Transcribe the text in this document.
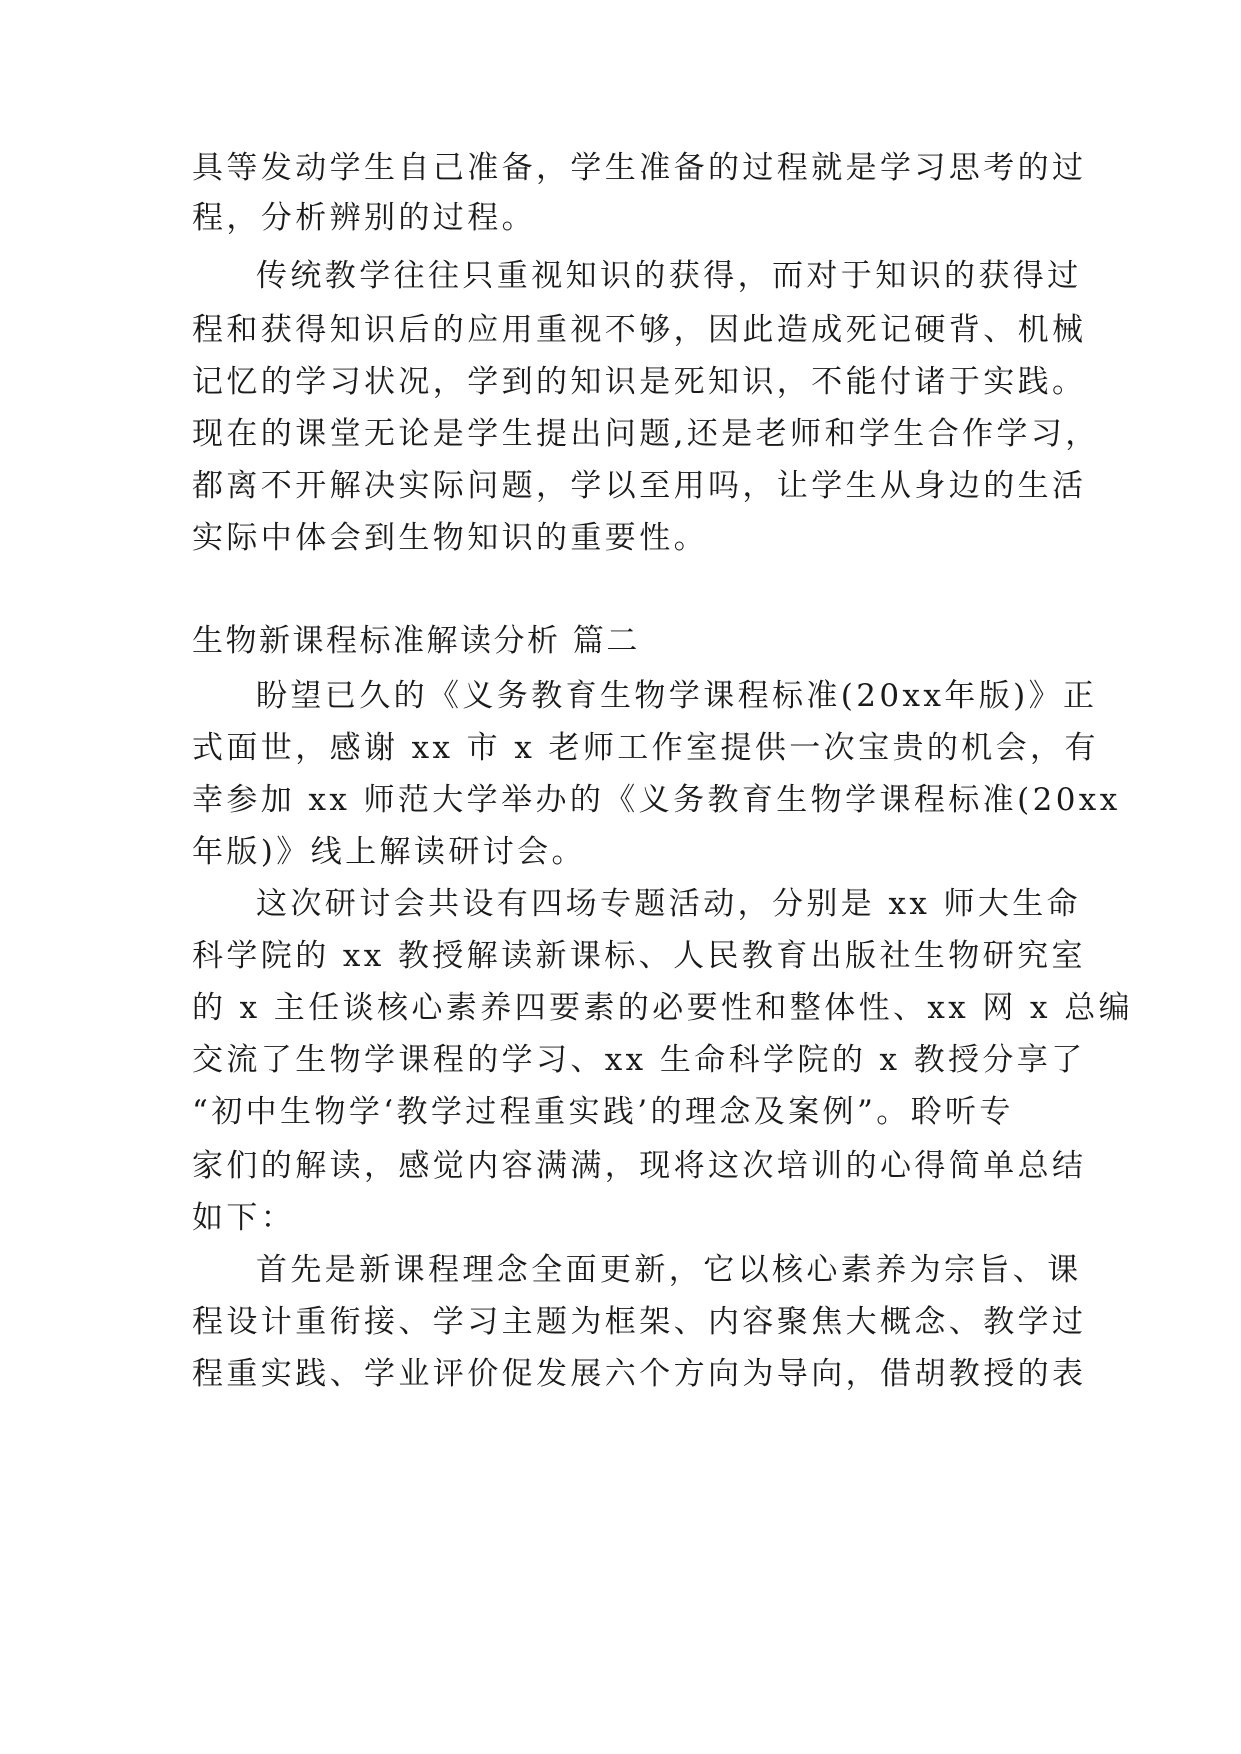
具等发动学生自己准备，学生准备的过程就是学习思考的过
程，分析辨别的过程。
传统教学往往只重视知识的获得，而对于知识的获得过
程和获得知识后的应用重视不够，因此造成死记硬背、机械
记忆的学习状况，学到的知识是死知识，不能付诸于实践。
现在的课堂无论是学生提出问题,还是老师和学生合作学习，
都离不开解决实际问题，学以至用吗，让学生从身边的生活
实际中体会到生物知识的重要性。
生物新课程标准解读分析 篇二
盼望已久的《义务教育生物学课程标准(20xx年版)》正
式面世，感谢 xx 市 x 老师工作室提供一次宝贵的机会，有
幸参加 xx 师范大学举办的《义务教育生物学课程标准(20xx
年版)》线上解读研讨会。
这次研讨会共设有四场专题活动，分别是 xx 师大生命
科学院的 xx 教授解读新课标、人民教育出版社生物研究室
的 x 主任谈核心素养四要素的必要性和整体性、xx 网 x 总编
交流了生物学课程的学习、xx 生命科学院的 x 教授分享了
“初中生物学‘教学过程重实践’的理念及案例”。聆听专
家们的解读，感觉内容满满，现将这次培训的心得简单总结
如下：
首先是新课程理念全面更新，它以核心素养为宗旨、课
程设计重衔接、学习主题为框架、内容聚焦大概念、教学过
程重实践、学业评价促发展六个方向为导向，借胡教授的表
